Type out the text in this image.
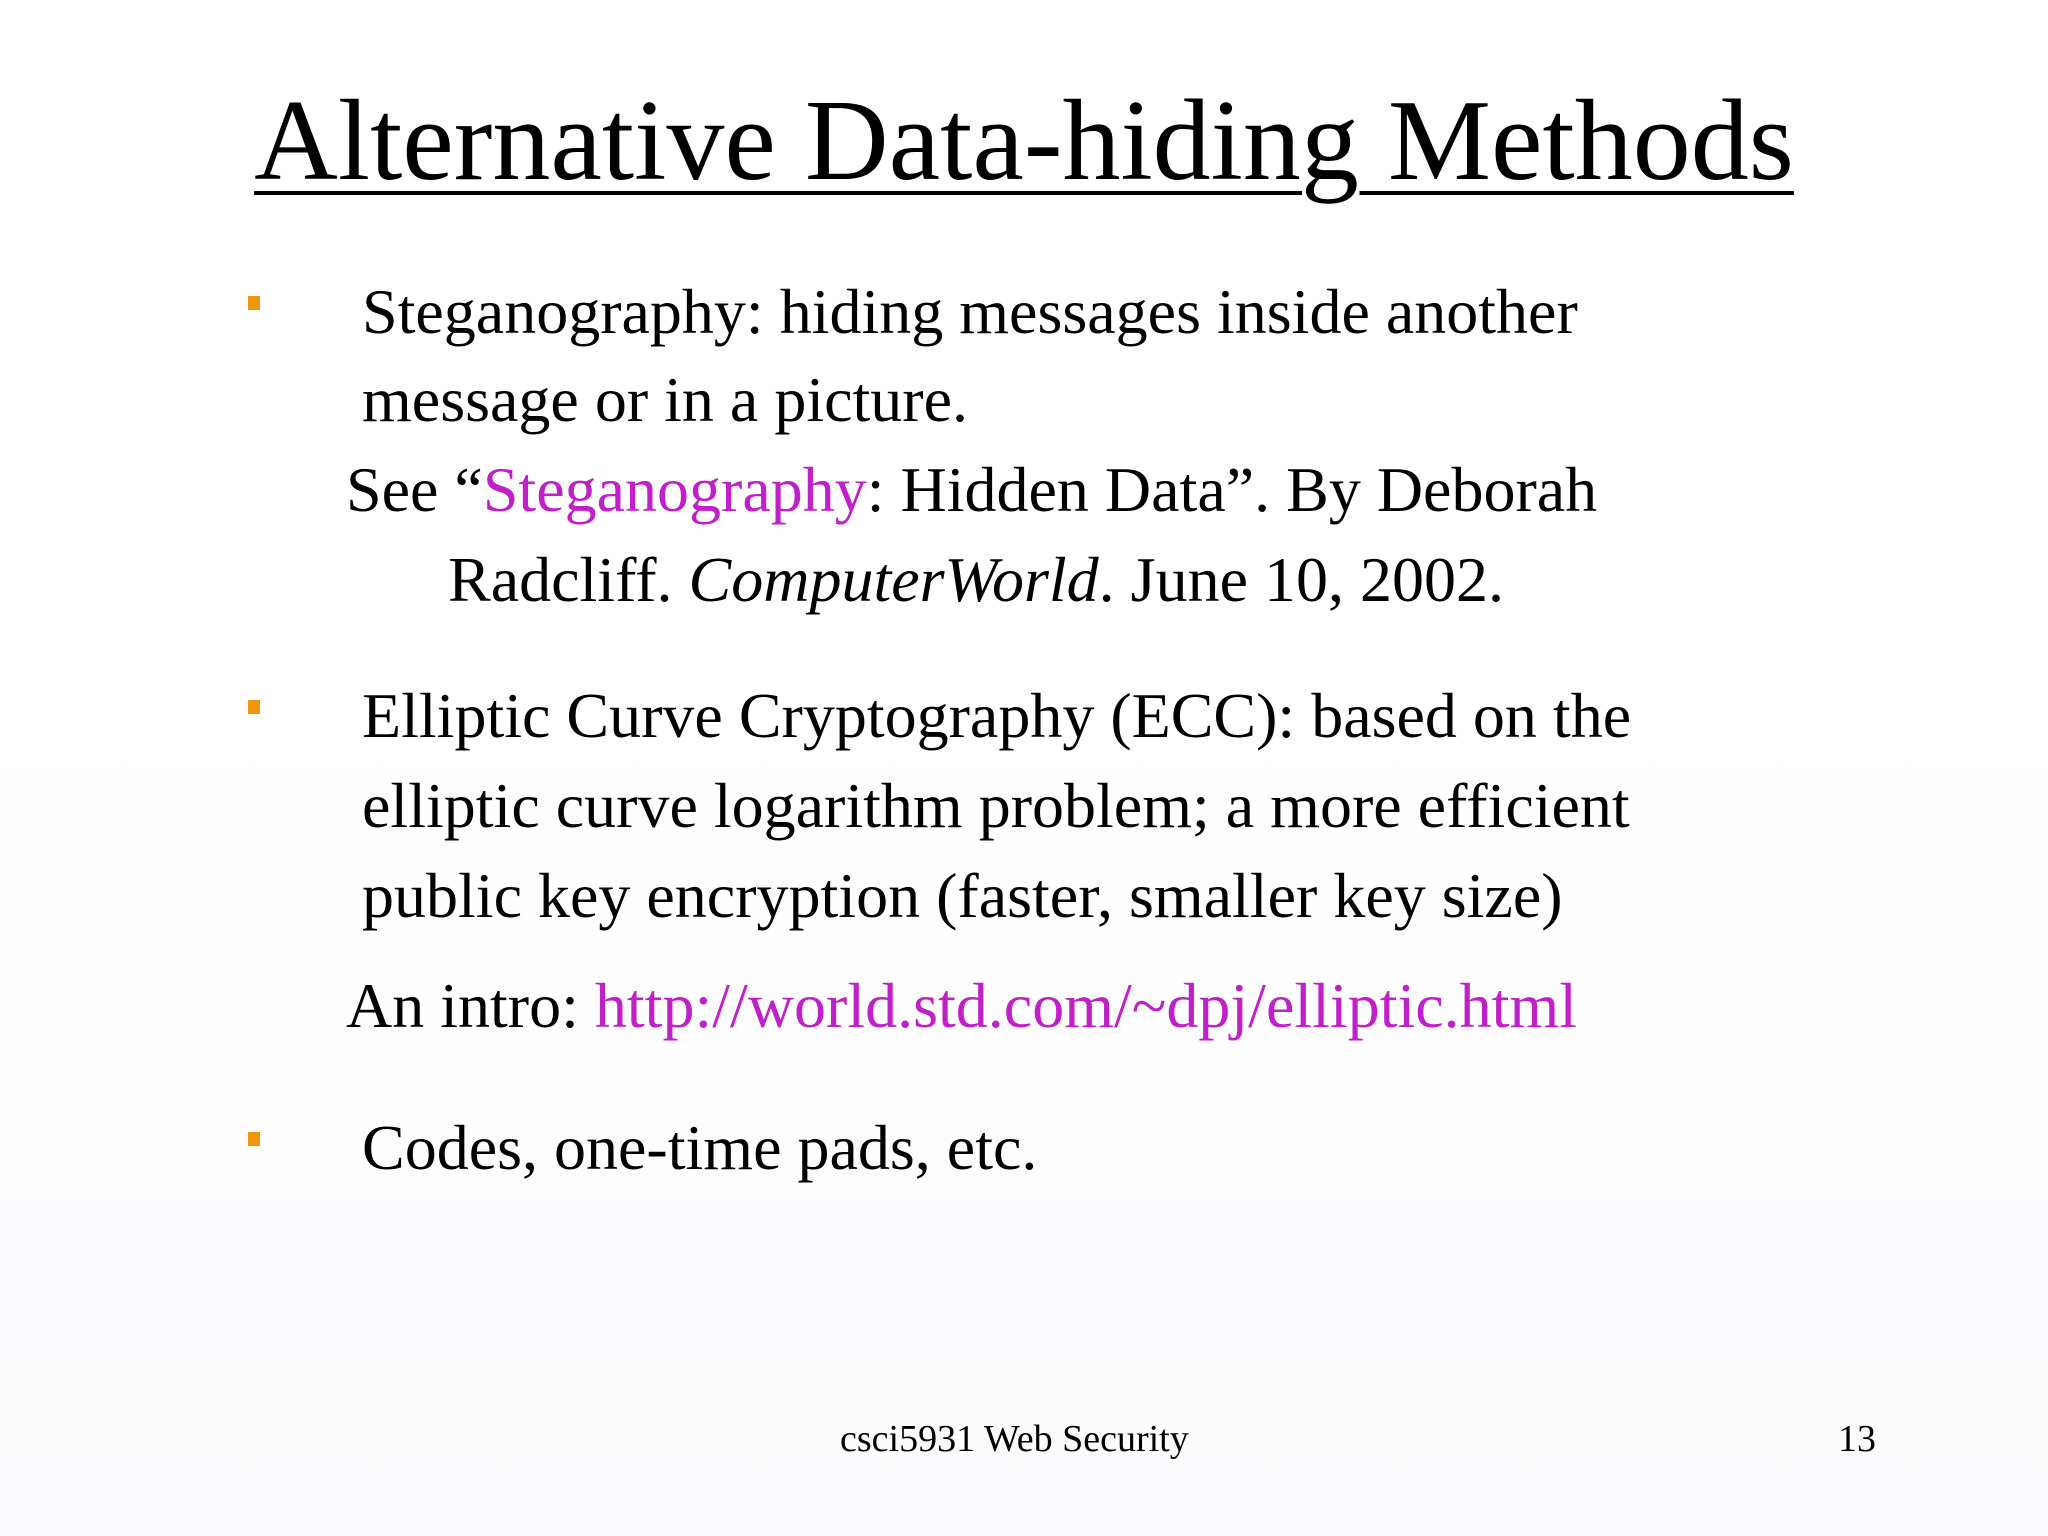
Alternative Data-hiding Methods
Steganography: hiding messages inside another
message or in a picture.
See “Steganography: Hidden Data”. By Deborah
Radcliff. ComputerWorld. June 10, 2002.
Elliptic Curve Cryptography (ECC): based on the
elliptic curve logarithm problem; a more efficient
public key encryption (faster, smaller key size)
An intro: http://world.std.com/~dpj/elliptic.html
Codes, one-time pads, etc.
csci5931 Web Security	13
